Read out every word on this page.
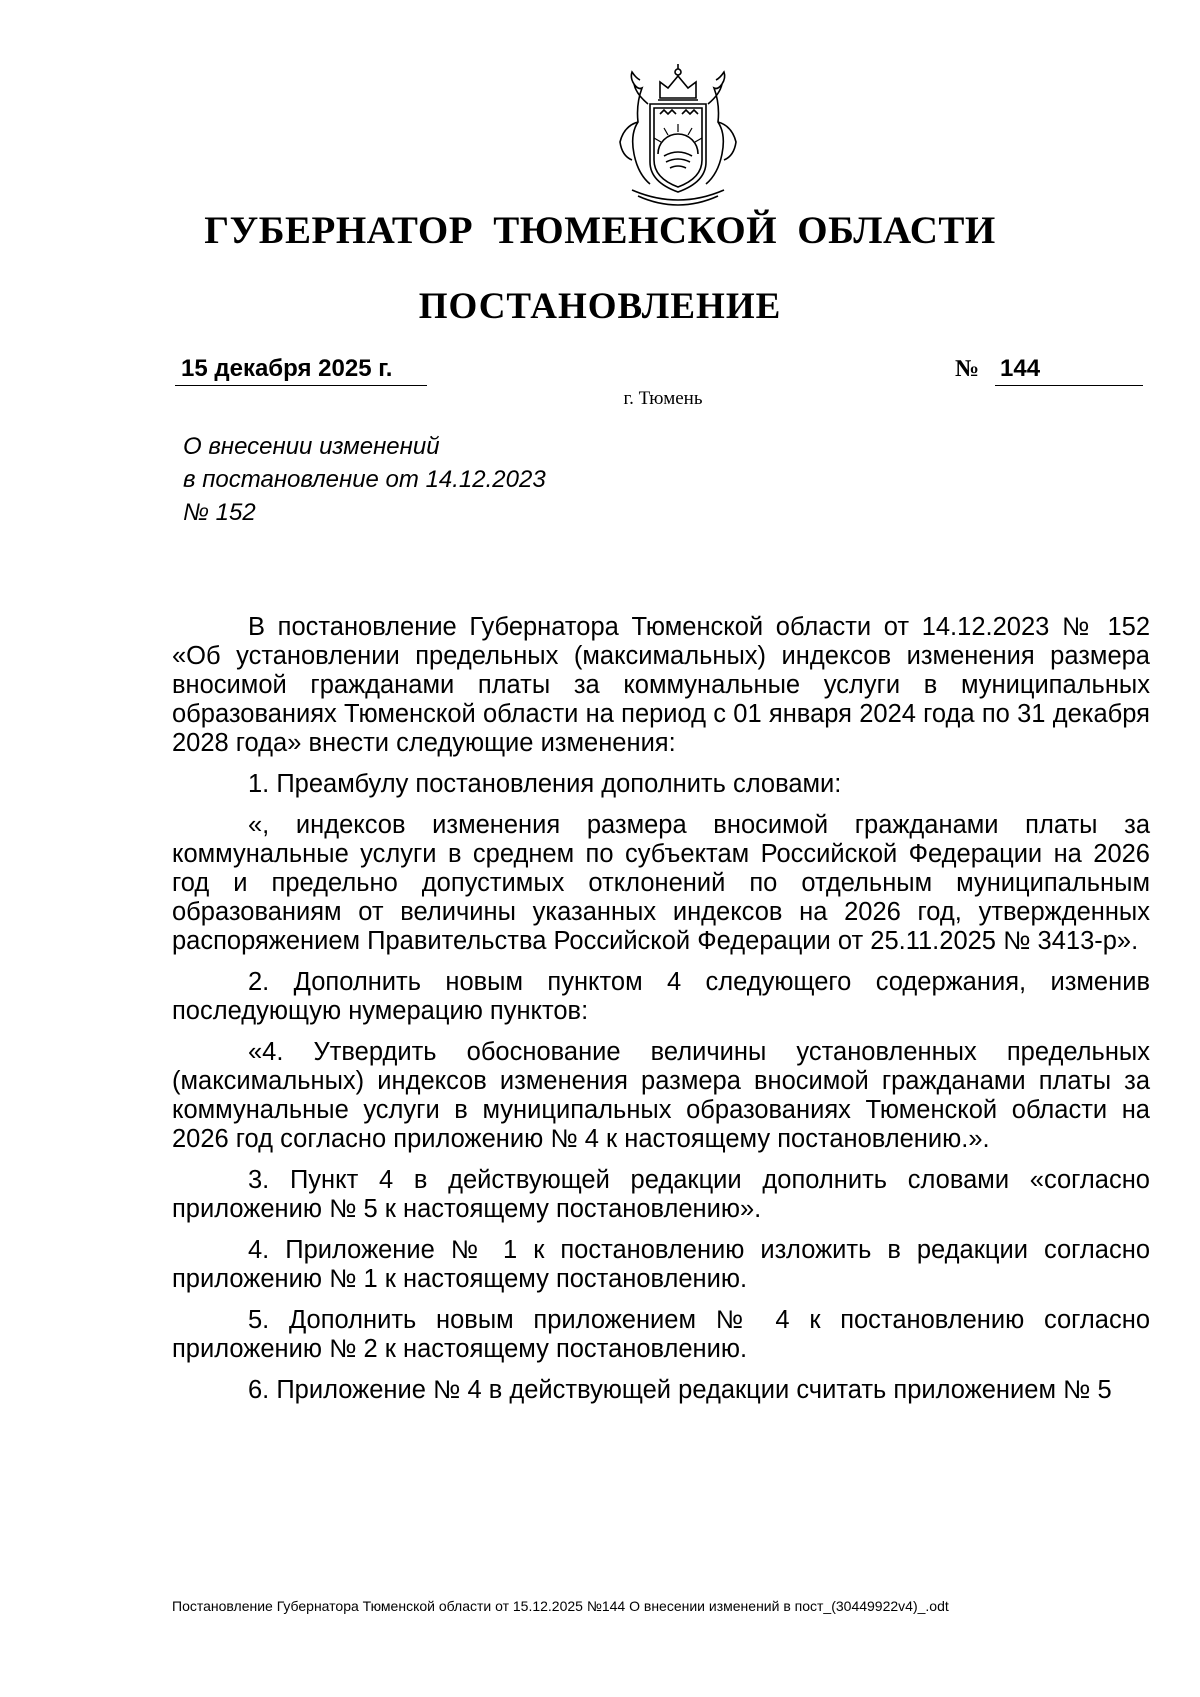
ГУБЕРНАТОР ТЮМЕНСКОЙ ОБЛАСТИ
ПОСТАНОВЛЕНИЕ
15 декабря 2025 г.	№ 144
г. Тюмень
О внесении изменений
в постановление от 14.12.2023
№ 152

В постановление Губернатора Тюменской области от 14.12.2023 № 152 «Об установлении предельных (максимальных) индексов изменения размера вносимой гражданами платы за коммунальные услуги в муниципальных образованиях Тюменской области на период с 01 января 2024 года по 31 декабря 2028 года» внести следующие изменения:

1. Преамбулу постановления дополнить словами:

«, индексов изменения размера вносимой гражданами платы за коммунальные услуги в среднем по субъектам Российской Федерации на 2026 год и предельно допустимых отклонений по отдельным муниципальным образованиям от величины указанных индексов на 2026 год, утвержденных распоряжением Правительства Российской Федерации от 25.11.2025 № 3413-р».

2. Дополнить новым пунктом 4 следующего содержания, изменив последующую нумерацию пунктов:

«4. Утвердить обоснование величины установленных предельных (максимальных) индексов изменения размера вносимой гражданами платы за коммунальные услуги в муниципальных образованиях Тюменской области на 2026 год согласно приложению № 4 к настоящему постановлению.».

3. Пункт 4 в действующей редакции дополнить словами «согласно приложению № 5 к настоящему постановлению».

4. Приложение № 1 к постановлению изложить в редакции согласно приложению № 1 к настоящему постановлению.

5. Дополнить новым приложением № 4 к постановлению согласно приложению № 2 к настоящему постановлению.

6. Приложение № 4 в действующей редакции считать приложением № 5

Постановление Губернатора Тюменской области от 15.12.2025 №144 О внесении изменений в пост_(30449922v4)_.odt
